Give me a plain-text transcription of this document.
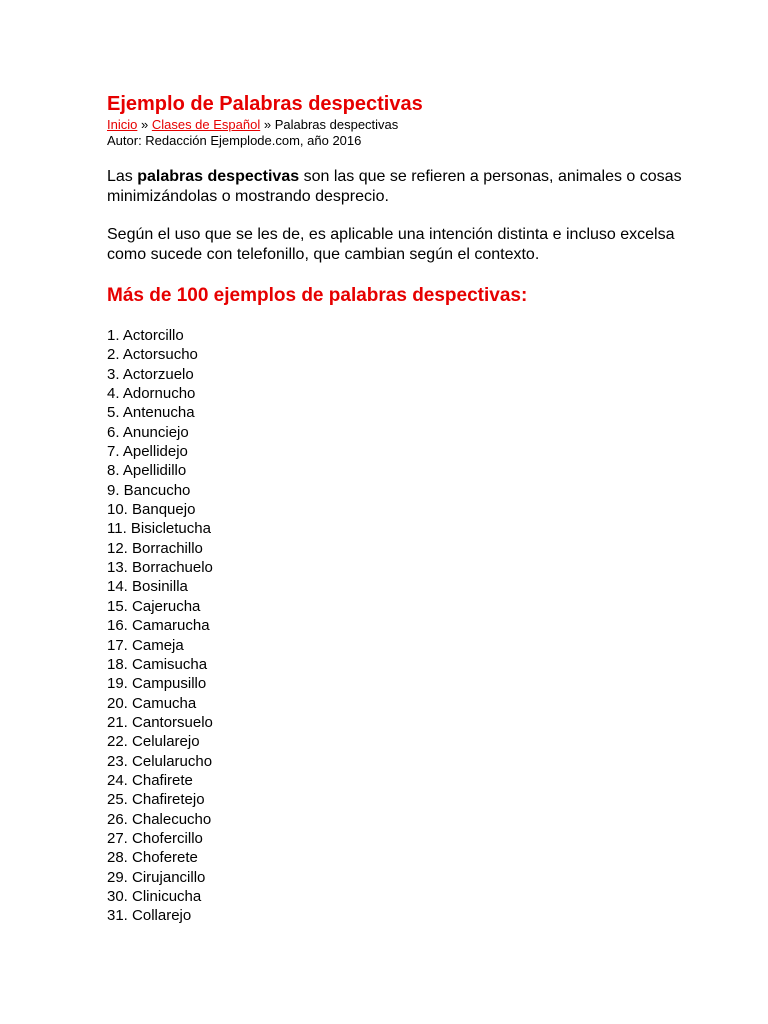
Ejemplo de Palabras despectivas
Inicio » Clases de Español » Palabras despectivas
Autor: Redacción Ejemplode.com, año 2016

Las palabras despectivas son las que se refieren a personas, animales o cosas minimizándolas o mostrando desprecio.

Según el uso que se les de, es aplicable una intención distinta e incluso excelsa como sucede con telefonillo, que cambian según el contexto.

Más de 100 ejemplos de palabras despectivas:
1. Actorcillo
2. Actorsucho
3. Actorzuelo
4. Adornucho
5. Antenucha
6. Anunciejo
7. Apellidejo
8. Apellidillo
9. Bancucho
10. Banquejo
11. Bisicletucha
12. Borrachillo
13. Borrachuelo
14. Bosinilla
15. Cajerucha
16. Camarucha
17. Cameja
18. Camisucha
19. Campusillo
20. Camucha
21. Cantorsuelo
22. Celularejo
23. Celularucho
24. Chafirete
25. Chafiretejo
26. Chalecucho
27. Chofercillo
28. Choferete
29. Cirujancillo
30. Clinicucha
31. Collarejo
